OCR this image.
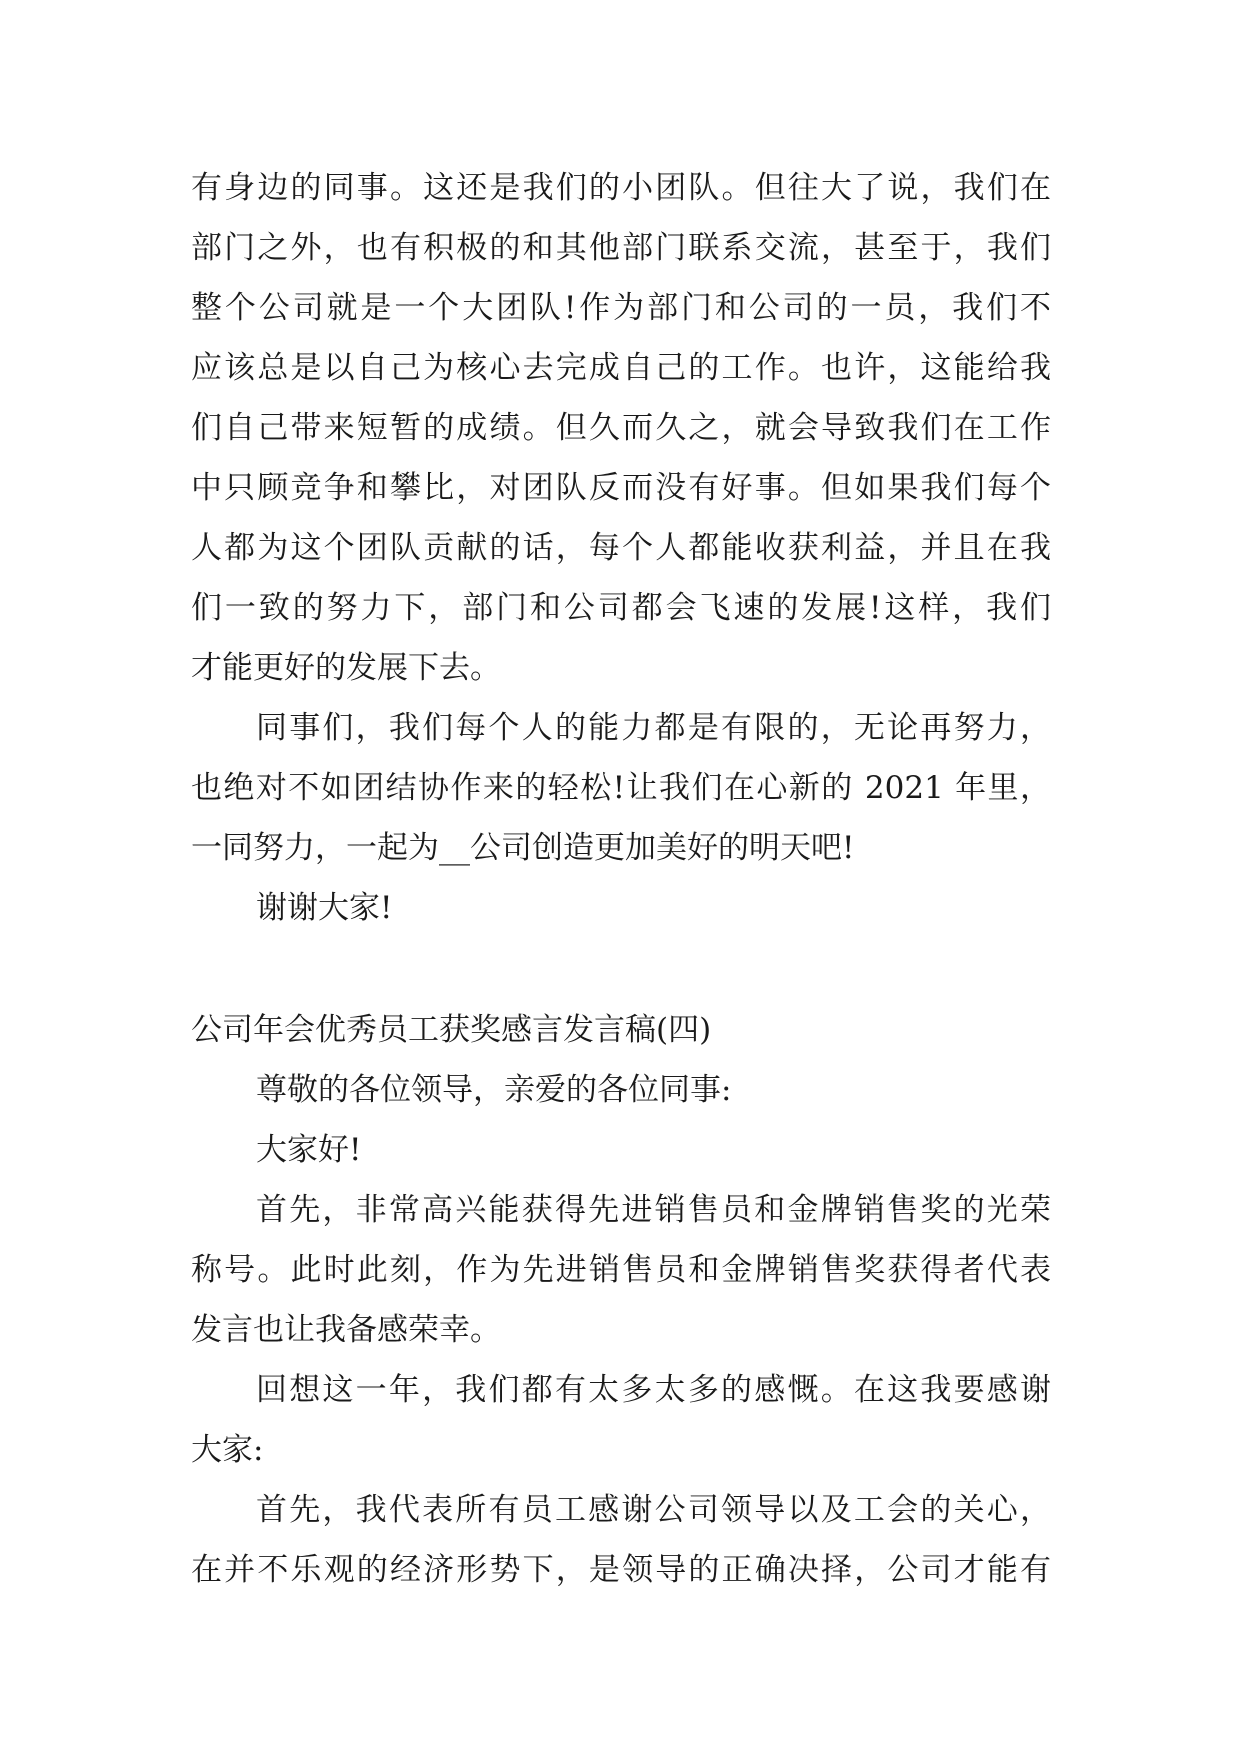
有身边的同事。这还是我们的小团队。但往大了说，我们在
部门之外，也有积极的和其他部门联系交流，甚至于，我们
整个公司就是一个大团队!作为部门和公司的一员，我们不
应该总是以自己为核心去完成自己的工作。也许，这能给我
们自己带来短暂的成绩。但久而久之，就会导致我们在工作
中只顾竞争和攀比，对团队反而没有好事。但如果我们每个
人都为这个团队贡献的话，每个人都能收获利益，并且在我
们一致的努力下，部门和公司都会飞速的发展!这样，我们
才能更好的发展下去。
同事们，我们每个人的能力都是有限的，无论再努力，
也绝对不如团结协作来的轻松!让我们在心新的 2021 年里，
一同努力，一起为__公司创造更加美好的明天吧!
谢谢大家!
公司年会优秀员工获奖感言发言稿(四)
尊敬的各位领导，亲爱的各位同事:
大家好!
首先，非常高兴能获得先进销售员和金牌销售奖的光荣
称号。此时此刻，作为先进销售员和金牌销售奖获得者代表
发言也让我备感荣幸。
回想这一年，我们都有太多太多的感慨。在这我要感谢
大家:
首先，我代表所有员工感谢公司领导以及工会的关心，
在并不乐观的经济形势下，是领导的正确决择，公司才能有
